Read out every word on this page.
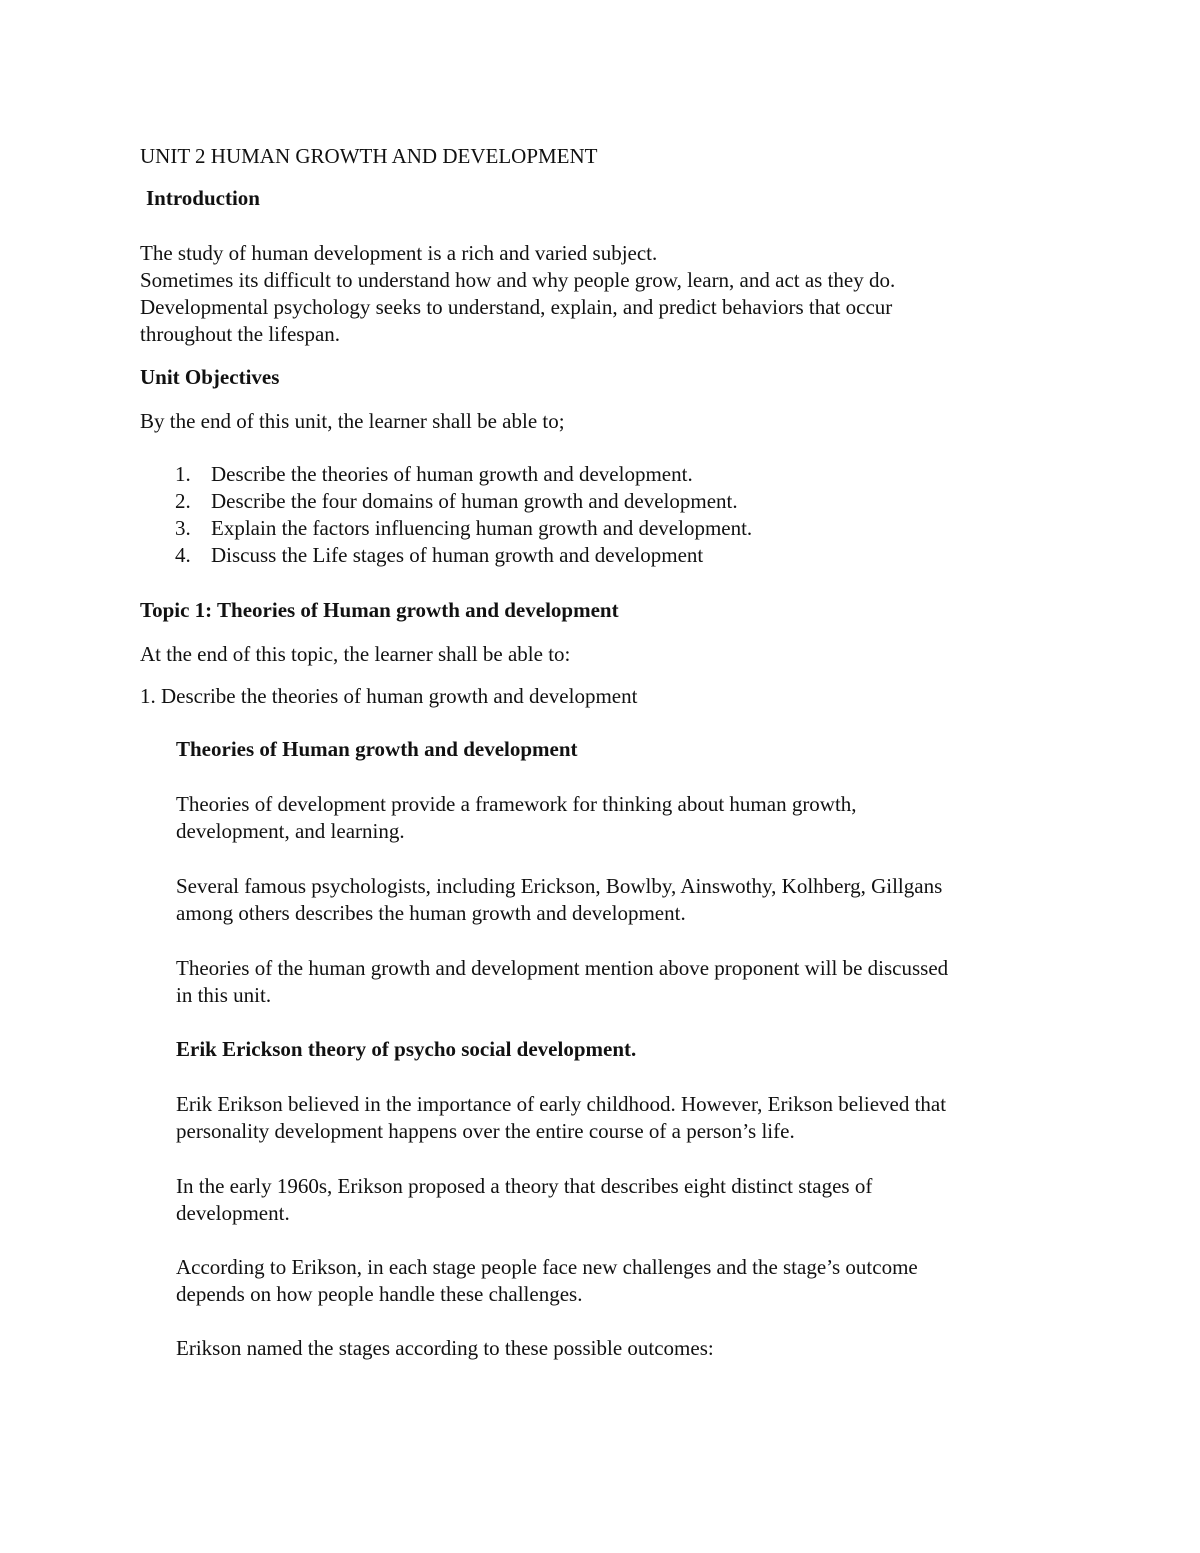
UNIT 2 HUMAN GROWTH AND DEVELOPMENT

Introduction

The study of human development is a rich and varied subject.
Sometimes its difficult to understand how and why people grow, learn, and act as they do.
Developmental psychology seeks to understand, explain, and predict behaviors that occur
throughout the lifespan.

Unit Objectives

By the end of this unit, the learner shall be able to;

1. Describe the theories of human growth and development.
2. Describe the four domains of human growth and development.
3. Explain the factors influencing human growth and development.
4. Discuss the Life stages of human growth and development

Topic 1: Theories of Human growth and development

At the end of this topic, the learner shall be able to:

1. Describe the theories of human growth and development

Theories of Human growth and development

Theories of development provide a framework for thinking about human growth,
development, and learning.
Several famous psychologists, including Erickson, Bowlby, Ainswothy, Kolhberg, Gillgans
among others describes the human growth and development.
Theories of the human growth and development mention above proponent will be discussed
in this unit.

Erik Erickson theory of psycho social development.

Erik Erikson believed in the importance of early childhood. However, Erikson believed that
personality development happens over the entire course of a person’s life.
In the early 1960s, Erikson proposed a theory that describes eight distinct stages of
development.
According to Erikson, in each stage people face new challenges and the stage’s outcome
depends on how people handle these challenges.

Erikson named the stages according to these possible outcomes:
